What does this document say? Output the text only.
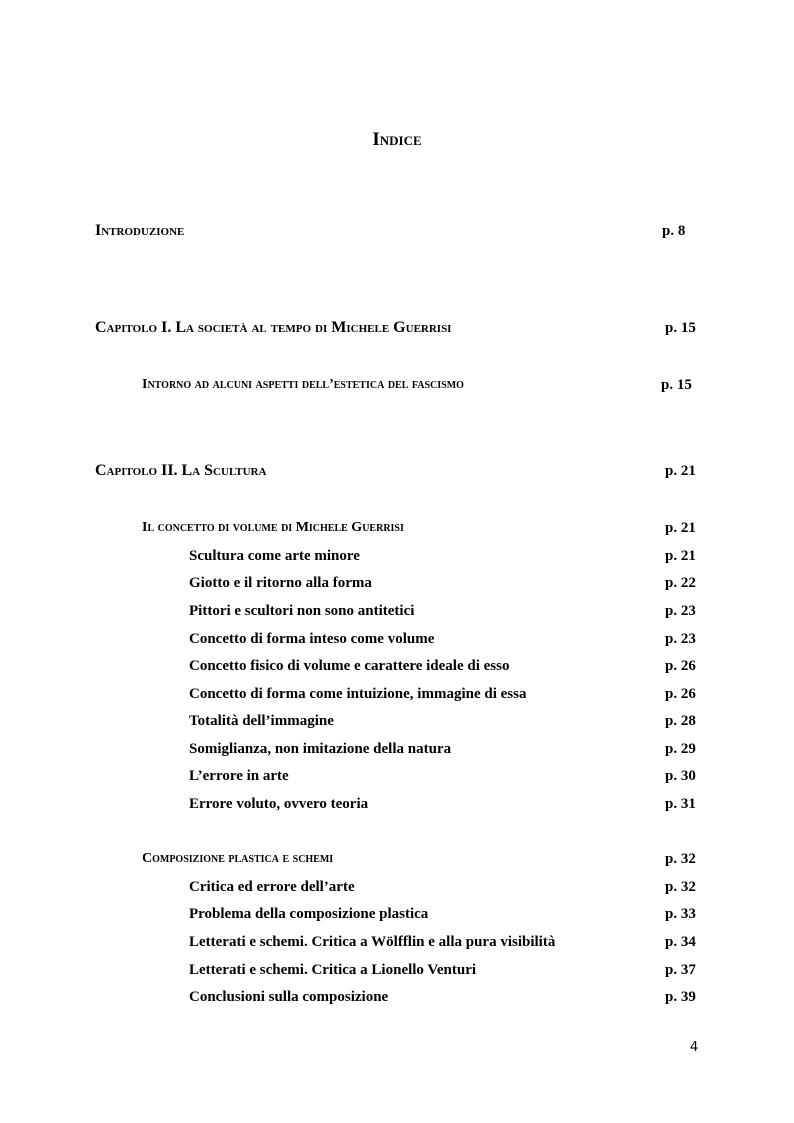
Indice
Introduzione	p. 8
Capitolo I. La società al tempo di Michele Guerrisi	p. 15
Intorno ad alcuni aspetti dell’estetica del fascismo	p. 15
Capitolo II. La Scultura	p. 21
Il concetto di volume di Michele Guerrisi	p. 21
Scultura come arte minore	p. 21
Giotto e il ritorno alla forma	p. 22
Pittori e scultori non sono antitetici	p. 23
Concetto di forma inteso come volume	p. 23
Concetto fisico di volume e carattere ideale di esso	p. 26
Concetto di forma come intuizione, immagine di essa	p. 26
Totalità dell’immagine	p. 28
Somiglianza, non imitazione della natura	p. 29
L’errore in arte	p. 30
Errore voluto, ovvero teoria	p. 31
Composizione plastica e schemi	p. 32
Critica ed errore dell’arte	p. 32
Problema della composizione plastica	p. 33
Letterati e schemi. Critica a Wölfflin e alla pura visibilità	p. 34
Letterati e schemi. Critica a Lionello Venturi	p. 37
Conclusioni sulla composizione	p. 39
4
